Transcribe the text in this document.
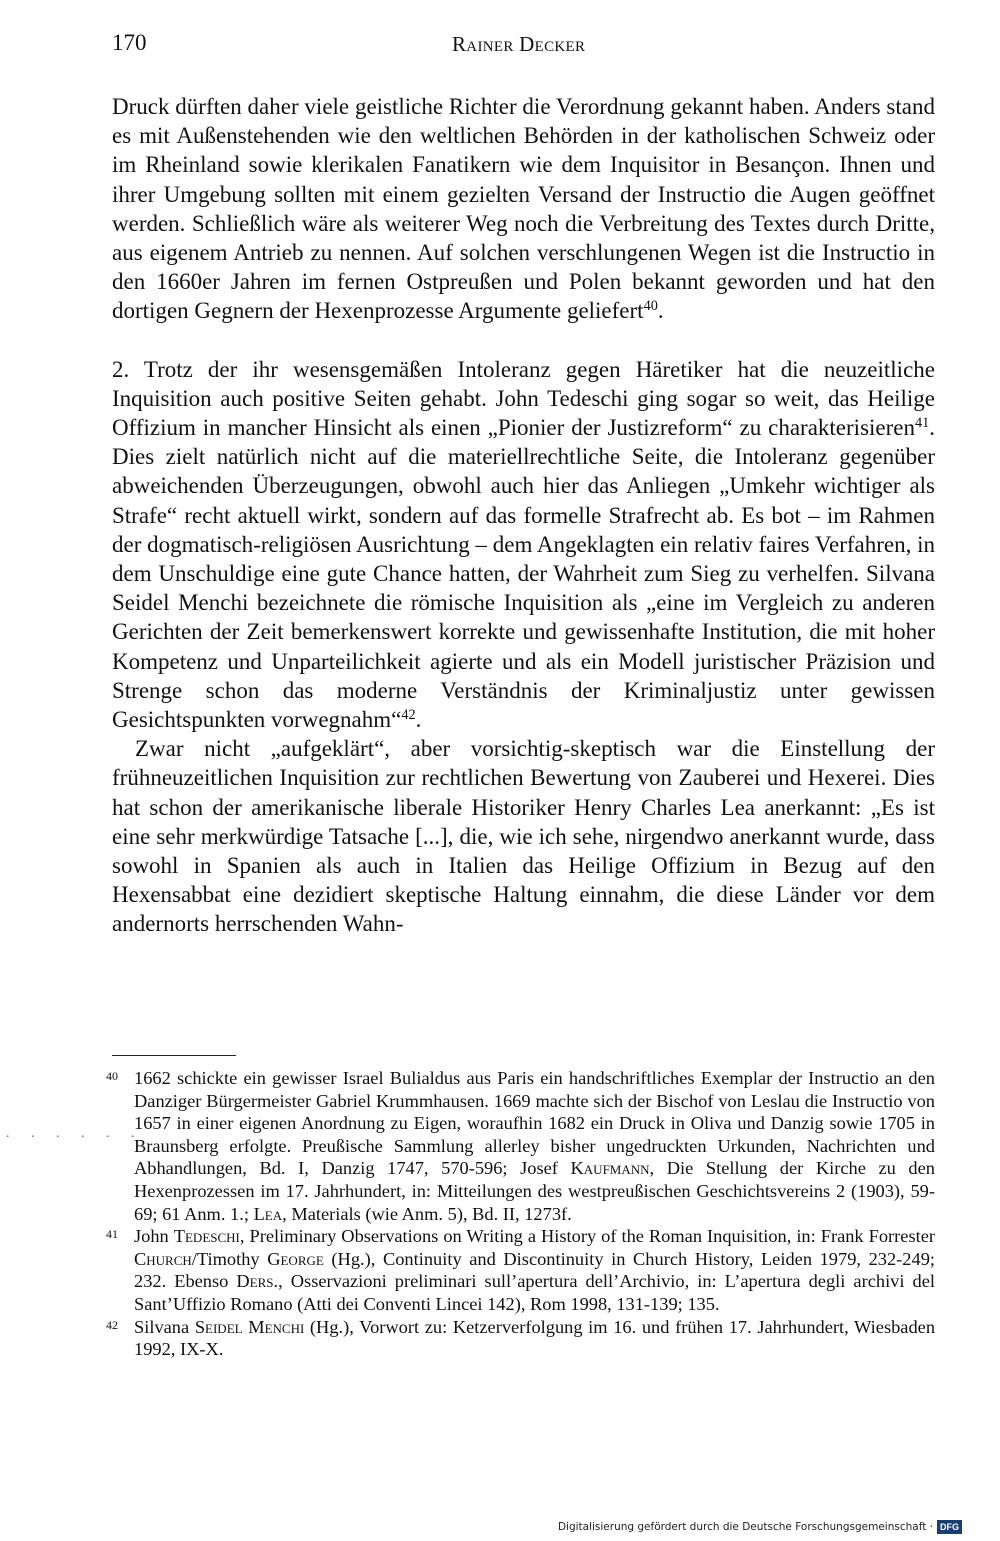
170	Rainer Decker

Druck dürften daher viele geistliche Richter die Verordnung gekannt haben. Anders stand es mit Außenstehenden wie den weltlichen Behörden in der katholischen Schweiz oder im Rheinland sowie klerikalen Fanatikern wie dem Inquisitor in Besançon. Ihnen und ihrer Umgebung sollten mit einem gezielten Versand der Instructio die Augen geöffnet werden. Schließlich wäre als weiterer Weg noch die Verbreitung des Textes durch Dritte, aus eigenem Antrieb zu nennen. Auf solchen verschlungenen Wegen ist die Instructio in den 1660er Jahren im fernen Ostpreußen und Polen bekannt geworden und hat den dortigen Gegnern der Hexenprozesse Argumente geliefert$^{40}$.

2. Trotz der ihr wesensgemäßen Intoleranz gegen Häretiker hat die neuzeitliche Inquisition auch positive Seiten gehabt. John Tedeschi ging sogar so weit, das Heilige Offizium in mancher Hinsicht als einen „Pionier der Justizreform“ zu charakterisieren$^{41}$. Dies zielt natürlich nicht auf die materiellrechtliche Seite, die Intoleranz gegenüber abweichenden Überzeugungen, obwohl auch hier das Anliegen „Umkehr wichtiger als Strafe“ recht aktuell wirkt, sondern auf das formelle Strafrecht ab. Es bot – im Rahmen der dogmatisch-religiösen Ausrichtung – dem Angeklagten ein relativ faires Verfahren, in dem Unschuldige eine gute Chance hatten, der Wahrheit zum Sieg zu verhelfen. Silvana Seidel Menchi bezeichnete die römische Inquisition als „eine im Vergleich zu anderen Gerichten der Zeit bemerkenswert korrekte und gewissenhafte Institution, die mit hoher Kompetenz und Unparteilichkeit agierte und als ein Modell juristischer Präzision und Strenge schon das moderne Verständnis der Kriminaljustiz unter gewissen Gesichtspunkten vorwegnahm“$^{42}$.

Zwar nicht „aufgeklärt“, aber vorsichtig-skeptisch war die Einstellung der frühneuzeitlichen Inquisition zur rechtlichen Bewertung von Zauberei und Hexerei. Dies hat schon der amerikanische liberale Historiker Henry Charles Lea anerkannt: „Es ist eine sehr merkwürdige Tatsache [...], die, wie ich sehe, nirgendwo anerkannt wurde, dass sowohl in Spanien als auch in Italien das Heilige Offizium in Bezug auf den Hexensabbat eine dezidiert skeptische Haltung einnahm, die diese Länder vor dem andernorts herrschenden Wahn-

. . . . . .

40 1662 schickte ein gewisser Israel Bulialdus aus Paris ein handschriftliches Exemplar der Instructio an den Danziger Bürgermeister Gabriel Krummhausen. 1669 machte sich der Bischof von Leslau die Instructio von 1657 in einer eigenen Anordnung zu Eigen, woraufhin 1682 ein Druck in Oliva und Danzig sowie 1705 in Braunsberg erfolgte. Preußische Sammlung allerley bisher ungedruckten Urkunden, Nachrichten und Abhandlungen, Bd. I, Danzig 1747, 570-596; Josef Kaufmann, Die Stellung der Kirche zu den Hexenprozessen im 17. Jahrhundert, in: Mitteilungen des westpreußischen Geschichtsvereins 2 (1903), 59-69; 61 Anm. 1.; Lea, Materials (wie Anm. 5), Bd. II, 1273f.

41 John Tedeschi, Preliminary Observations on Writing a History of the Roman Inquisition, in: Frank Forrester Church/Timothy George (Hg.), Continuity and Discontinuity in Church History, Leiden 1979, 232-249; 232. Ebenso Ders., Osservazioni preliminari sull’apertura dell’Archivio, in: L’apertura degli archivi del Sant’Uffizio Romano (Atti dei Conventi Lincei 142), Rom 1998, 131-139; 135.

42 Silvana Seidel Menchi (Hg.), Vorwort zu: Ketzerverfolgung im 16. und frühen 17. Jahrhundert, Wiesbaden 1992, IX-X.

Digitalisierung gefördert durch die Deutsche Forschungsgemeinschaft · DFG
